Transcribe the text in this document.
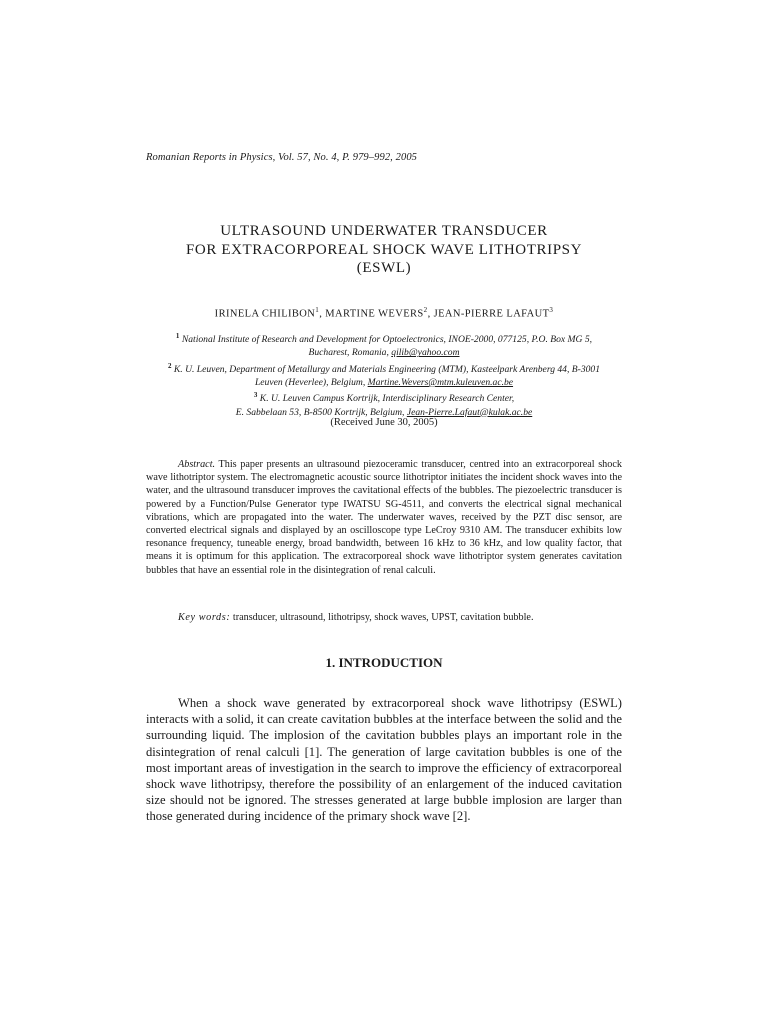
Romanian Reports in Physics, Vol. 57, No. 4, P. 979–992, 2005
ULTRASOUND UNDERWATER TRANSDUCER
FOR EXTRACORPOREAL SHOCK WAVE LITHOTRIPSY
(ESWL)
IRINELA CHILIBON$^1$, MARTINE WEVERS$^2$, JEAN-PIERRE LAFAUT$^3$
$^1$ National Institute of Research and Development for Optoelectronics, INOE-2000, 077125, P.O. Box MG 5,
Bucharest, Romania, qilib@yahoo.com
$^2$ K. U. Leuven, Department of Metallurgy and Materials Engineering (MTM), Kasteelpark Arenberg 44, B-3001
Leuven (Heverlee), Belgium, Martine.Wevers@mtm.kuleuven.ac.be
$^3$ K. U. Leuven Campus Kortrijk, Interdisciplinary Research Center,
E. Sabbelaan 53, B-8500 Kortrijk, Belgium, Jean-Pierre.Lafaut@kulak.ac.be
(Received June 30, 2005)

Abstract. This paper presents an ultrasound piezoceramic transducer, centred into an extracorporeal shock wave lithotriptor system. The electromagnetic acoustic source lithotriptor initiates the incident shock waves into the water, and the ultrasound transducer improves the cavitational effects of the bubbles. The piezoelectric transducer is powered by a Function/Pulse Generator type IWATSU SG-4511, and converts the electrical signal mechanical vibrations, which are propagated into the water. The underwater waves, received by the PZT disc sensor, are converted electrical signals and displayed by an oscilloscope type LeCroy 9310 AM. The transducer exhibits low resonance frequency, tuneable energy, broad bandwidth, between 16 kHz to 36 kHz, and low quality factor, that means it is optimum for this application. The extracorporeal shock wave lithotriptor system generates cavitation bubbles that have an essential role in the disintegration of renal calculi.

Key words: transducer, ultrasound, lithotripsy, shock waves, UPST, cavitation bubble.
1. INTRODUCTION

When a shock wave generated by extracorporeal shock wave lithotripsy (ESWL) interacts with a solid, it can create cavitation bubbles at the interface between the solid and the surrounding liquid. The implosion of the cavitation bubbles plays an important role in the disintegration of renal calculi [1]. The generation of large cavitation bubbles is one of the most important areas of investigation in the search to improve the efficiency of extracorporeal shock wave lithotripsy, therefore the possibility of an enlargement of the induced cavitation size should not be ignored. The stresses generated at large bubble implosion are larger than those generated during incidence of the primary shock wave [2].
